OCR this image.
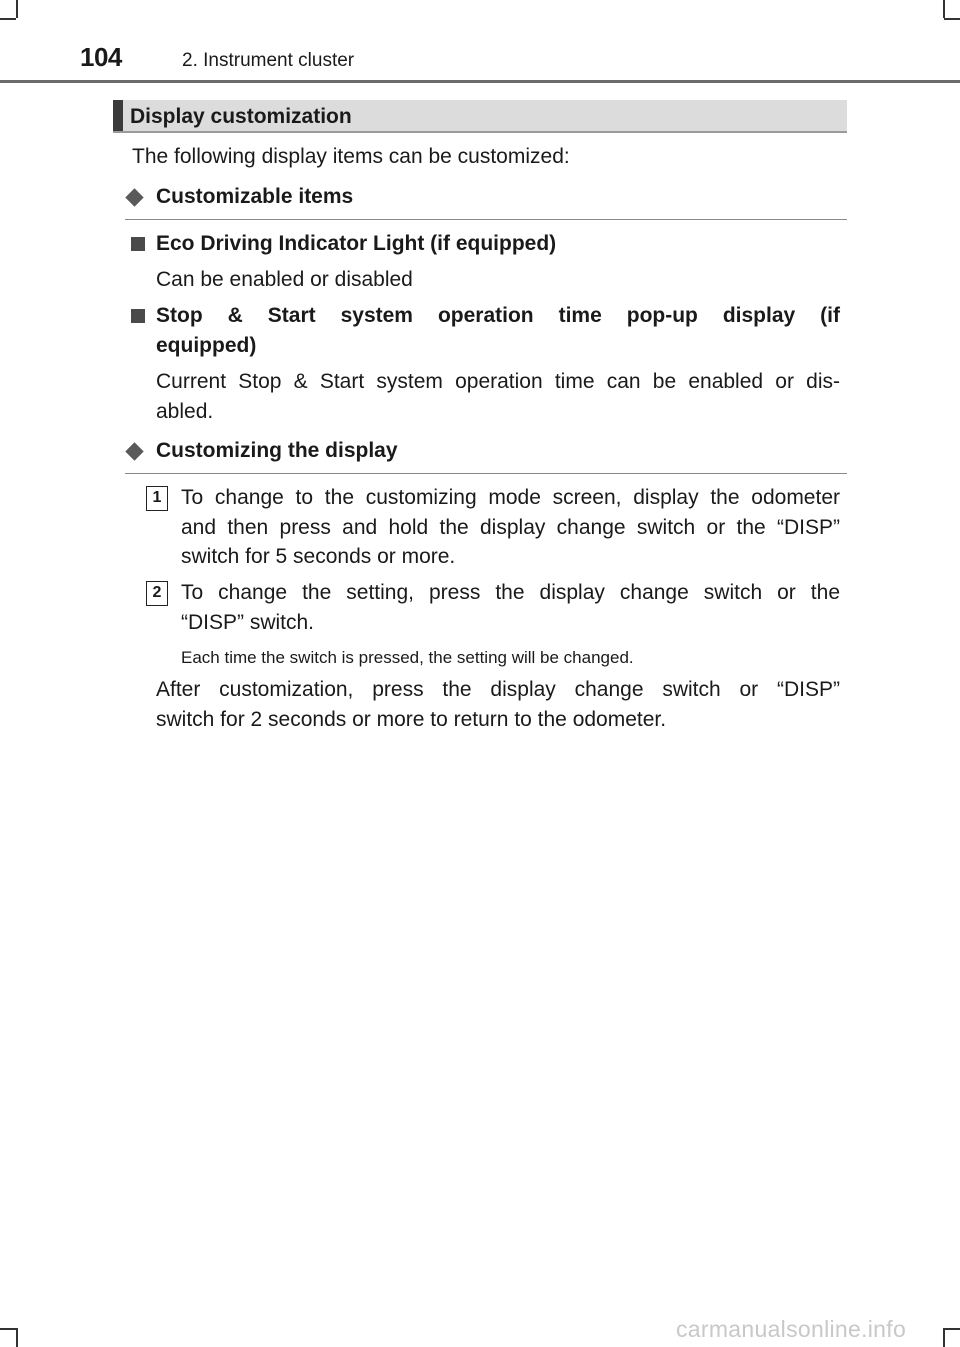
104	2. Instrument cluster
Display customization
The following display items can be customized:
Customizable items
Eco Driving Indicator Light (if equipped)
Can be enabled or disabled
Stop & Start system operation time pop-up display (if
equipped)
Current Stop & Start system operation time can be enabled or dis-
abled.
Customizing the display
1 To change to the customizing mode screen, display the odometer
and then press and hold the display change switch or the “DISP”
switch for 5 seconds or more.
2 To change the setting, press the display change switch or the
“DISP” switch.
Each time the switch is pressed, the setting will be changed.
After customization, press the display change switch or “DISP”
switch for 2 seconds or more to return to the odometer.
carmanualsonline.info
